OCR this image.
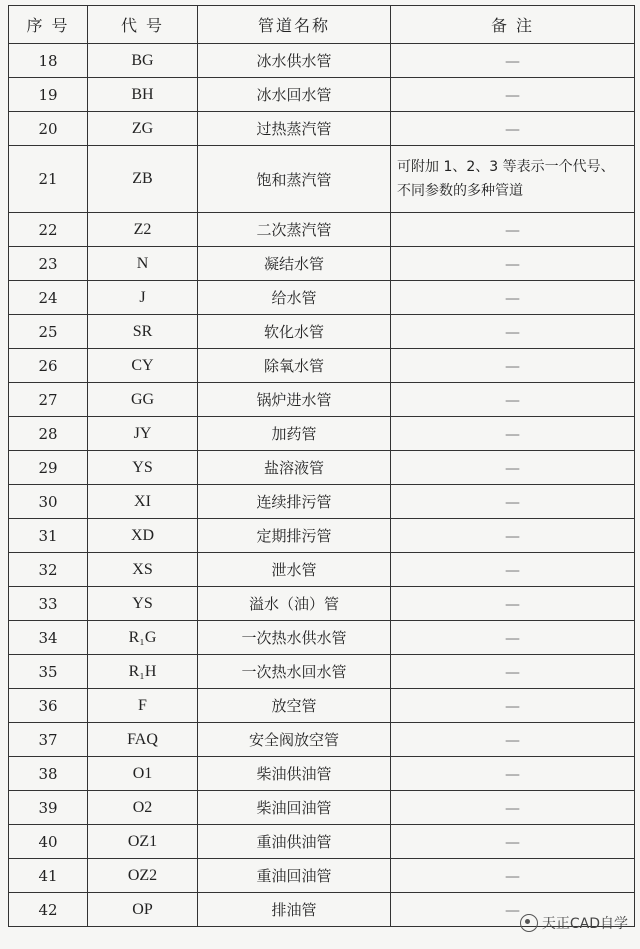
序 号	代 号	管道名称	备 注
18	BG	冰水供水管	—
19	BH	冰水回水管	—
20	ZG	过热蒸汽管	—
21	ZB	饱和蒸汽管	可附加 1、2、3 等表示一个代号、不同参数的多种管道
22	Z2	二次蒸汽管	—
23	N	凝结水管	—
24	J	给水管	—
25	SR	软化水管	—
26	CY	除氧水管	—
27	GG	锅炉进水管	—
28	JY	加药管	—
29	YS	盐溶液管	—
30	XI	连续排污管	—
31	XD	定期排污管	—
32	XS	泄水管	—
33	YS	溢水（油）管	—
34	R₁G	一次热水供水管	—
35	R₁H	一次热水回水管	—
36	F	放空管	—
37	FAQ	安全阀放空管	—
38	O1	柴油供油管	—
39	O2	柴油回油管	—
40	OZ1	重油供油管	—
41	OZ2	重油回油管	—
42	OP	排油管	—
天正CAD自学
